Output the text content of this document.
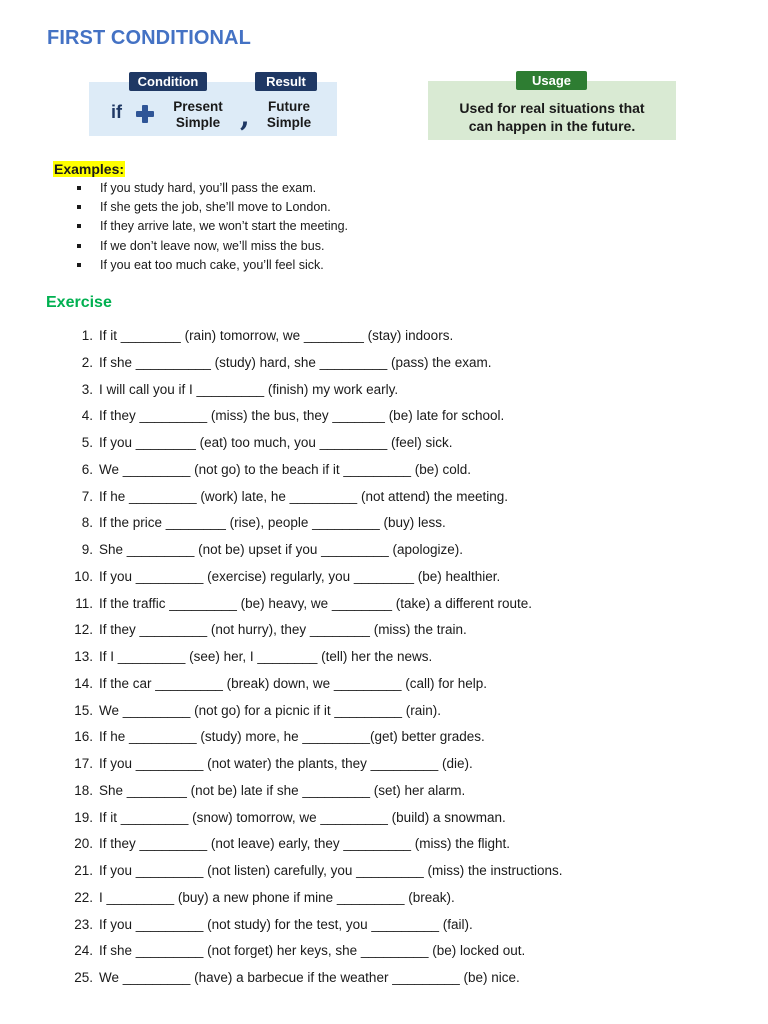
FIRST CONDITIONAL
Condition	Result
if	Present
Simple ,	Future
Simple
Usage
Used for real situations that
can happen in the future.
Examples:
If you study hard, you’ll pass the exam.
If she gets the job, she’ll move to London.
If they arrive late, we won’t start the meeting.
If we don’t leave now, we’ll miss the bus.
If you eat too much cake, you’ll feel sick.
Exercise
1. If it ________ (rain) tomorrow, we ________ (stay) indoors.
2. If she __________ (study) hard, she _________ (pass) the exam.
3. I will call you if I _________ (finish) my work early.
4. If they _________ (miss) the bus, they _______ (be) late for school.
5. If you ________ (eat) too much, you _________ (feel) sick.
6. We _________ (not go) to the beach if it _________ (be) cold.
7. If he _________ (work) late, he _________ (not attend) the meeting.
8. If the price ________ (rise), people _________ (buy) less.
9. She _________ (not be) upset if you _________ (apologize).
10. If you _________ (exercise) regularly, you ________ (be) healthier.
11. If the traffic _________ (be) heavy, we ________ (take) a different route.
12. If they _________ (not hurry), they ________ (miss) the train.
13. If I _________ (see) her, I ________ (tell) her the news.
14. If the car _________ (break) down, we _________ (call) for help.
15. We _________ (not go) for a picnic if it _________ (rain).
16. If he _________ (study) more, he _________(get) better grades.
17. If you _________ (not water) the plants, they _________ (die).
18. She ________ (not be) late if she _________ (set) her alarm.
19. If it _________ (snow) tomorrow, we _________ (build) a snowman.
20. If they _________ (not leave) early, they _________ (miss) the flight.
21. If you _________ (not listen) carefully, you _________ (miss) the instructions.
22. I _________ (buy) a new phone if mine _________ (break).
23. If you _________ (not study) for the test, you _________ (fail).
24. If she _________ (not forget) her keys, she _________ (be) locked out.
25. We _________ (have) a barbecue if the weather _________ (be) nice.
